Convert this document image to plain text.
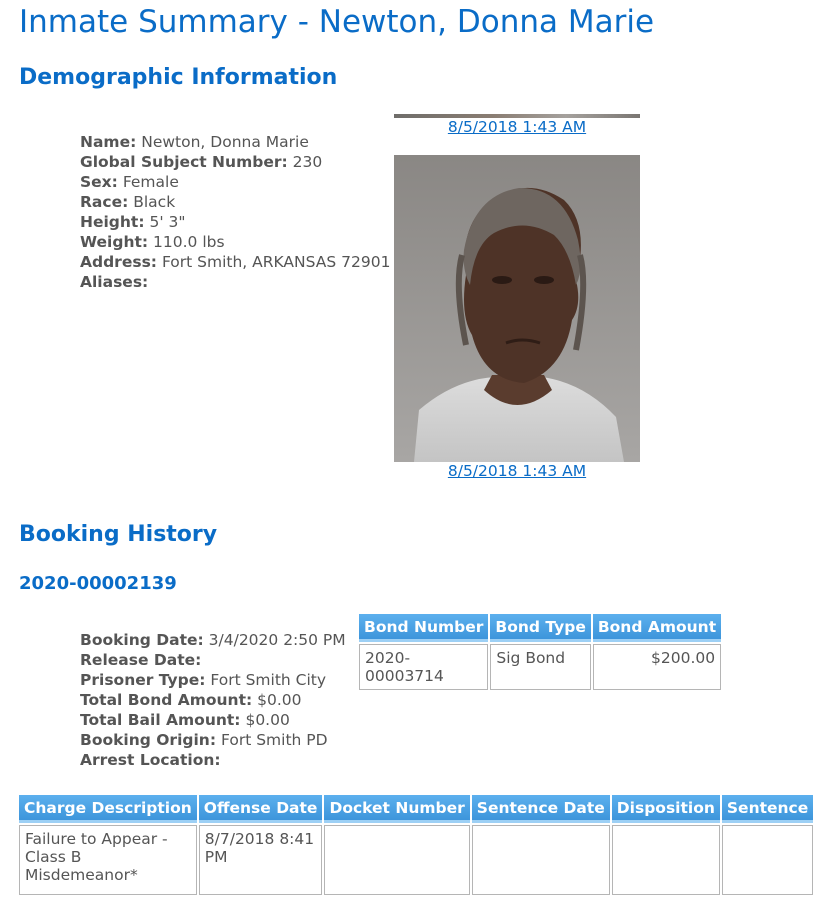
Inmate Summary - Newton, Donna Marie
Demographic Information
8/5/2018 1:43 AM
8/5/2018 1:43 AM
Name: Newton, Donna Marie
Global Subject Number: 230
Sex: Female
Race: Black
Height: 5' 3"
Weight: 110.0 lbs
Address: Fort Smith, ARKANSAS 72901
Aliases:
Booking History
2020-00002139
Booking Date: 3/4/2020 2:50 PM
Release Date:
Prisoner Type: Fort Smith City
Total Bond Amount: $0.00
Total Bail Amount: $0.00
Booking Origin: Fort Smith PD
Arrest Location:
Bond Number	Bond Type	Bond Amount
2020-00003714	Sig Bond	$200.00
Charge Description	Offense Date	Docket Number	Sentence Date	Disposition	Sentence
Failure to Appear - Class B Misdemeanor*	8/7/2018 8:41 PM				
